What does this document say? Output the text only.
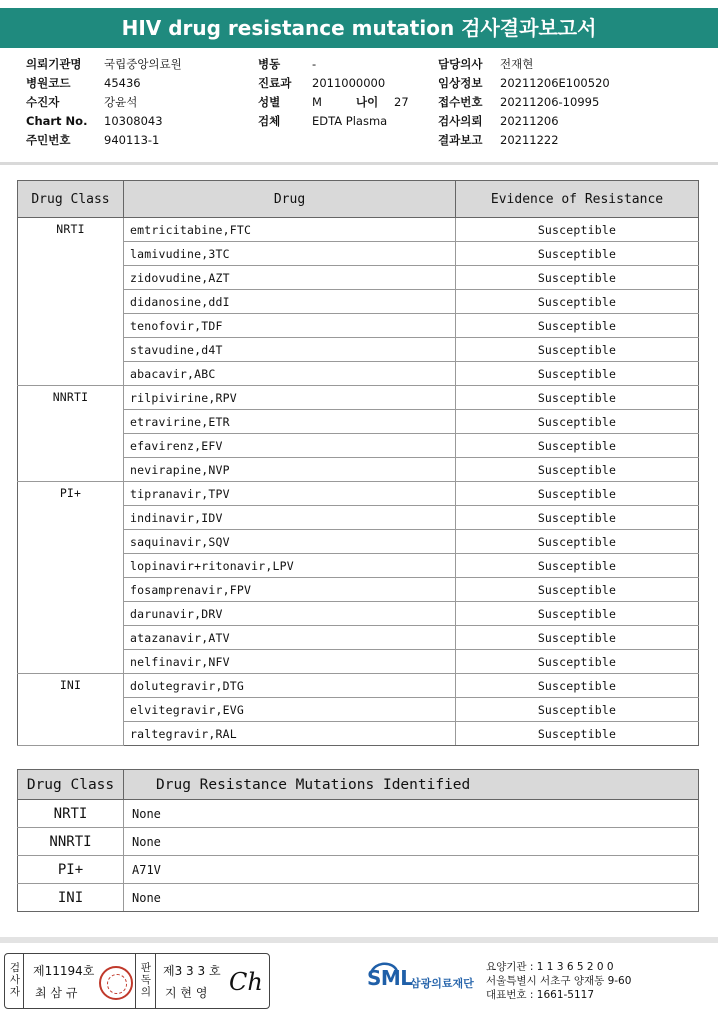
HIV drug resistance mutation 검사결과보고서
의뢰기관명	국립중앙의료원
병원코드	45436
수진자	강윤석
Chart No.	10308043
주민번호	940113-1
병동	-
진료과	2011000000
성별	M	나이	27
검체	EDTA Plasma
담당의사	전재현
임상정보	20211206E100520
접수번호	20211206-10995
검사의뢰	20211206
결과보고	20211222
Drug Class	Drug	Evidence of Resistance
NRTI	emtricitabine,FTC	Susceptible
	lamivudine,3TC	Susceptible
	zidovudine,AZT	Susceptible
	didanosine,ddI	Susceptible
	tenofovir,TDF	Susceptible
	stavudine,d4T	Susceptible
	abacavir,ABC	Susceptible
NNRTI	rilpivirine,RPV	Susceptible
	etravirine,ETR	Susceptible
	efavirenz,EFV	Susceptible
	nevirapine,NVP	Susceptible
PI+	tipranavir,TPV	Susceptible
	indinavir,IDV	Susceptible
	saquinavir,SQV	Susceptible
	lopinavir+ritonavir,LPV	Susceptible
	fosamprenavir,FPV	Susceptible
	darunavir,DRV	Susceptible
	atazanavir,ATV	Susceptible
	nelfinavir,NFV	Susceptible
INI	dolutegravir,DTG	Susceptible
	elvitegravir,EVG	Susceptible
	raltegravir,RAL	Susceptible
Drug Class	Drug Resistance Mutations Identified
NRTI	None
NNRTI	None
PI+	A71V
INI	None
검
사
자
제11194호
최 삼 규
판
독
의
제3 3 3 호
지 현 영 Ch	SML
삼광의료재단
요양기관 : 1 1 3 6 5 2 0 0
서울특별시 서초구 양재동 9-60
대표번호 : 1661-5117
